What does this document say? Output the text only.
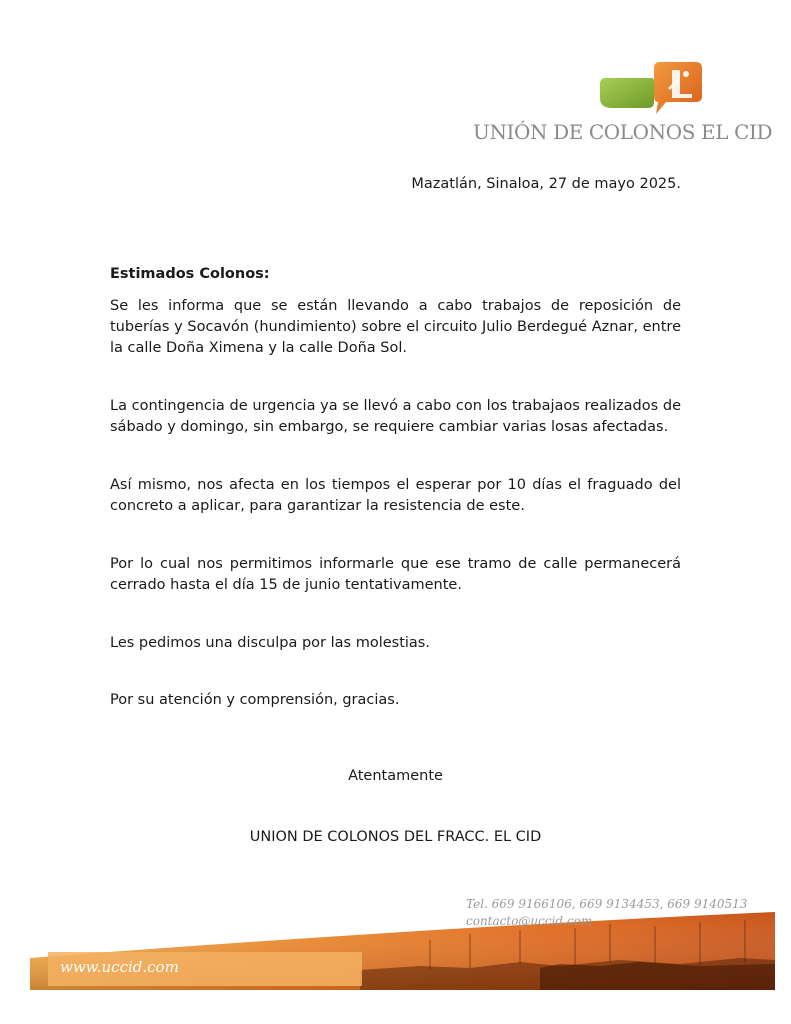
UNIÓN DE COLONOS EL CID
Mazatlán, Sinaloa, 27 de mayo 2025.

Estimados Colonos:

Se les informa que se están llevando a cabo trabajos de reposición de tuberías y Socavón (hundimiento) sobre el circuito Julio Berdegué Aznar, entre la calle Doña Ximena y la calle Doña Sol.

La contingencia de urgencia ya se llevó a cabo con los trabajaos realizados de sábado y domingo, sin embargo, se requiere cambiar varias losas afectadas.

Así mismo, nos afecta en los tiempos el esperar por 10 días el fraguado del concreto a aplicar, para garantizar la resistencia de este.

Por lo cual nos permitimos informarle que ese tramo de calle permanecerá cerrado hasta el día 15 de junio tentativamente.

Les pedimos una disculpa por las molestias.

Por su atención y comprensión, gracias.

Atentamente
UNION DE COLONOS DEL FRACC. EL CID
Tel. 669 9166106, 669 9134453, 669 9140513
contacto@uccid.com
www.uccid.com
